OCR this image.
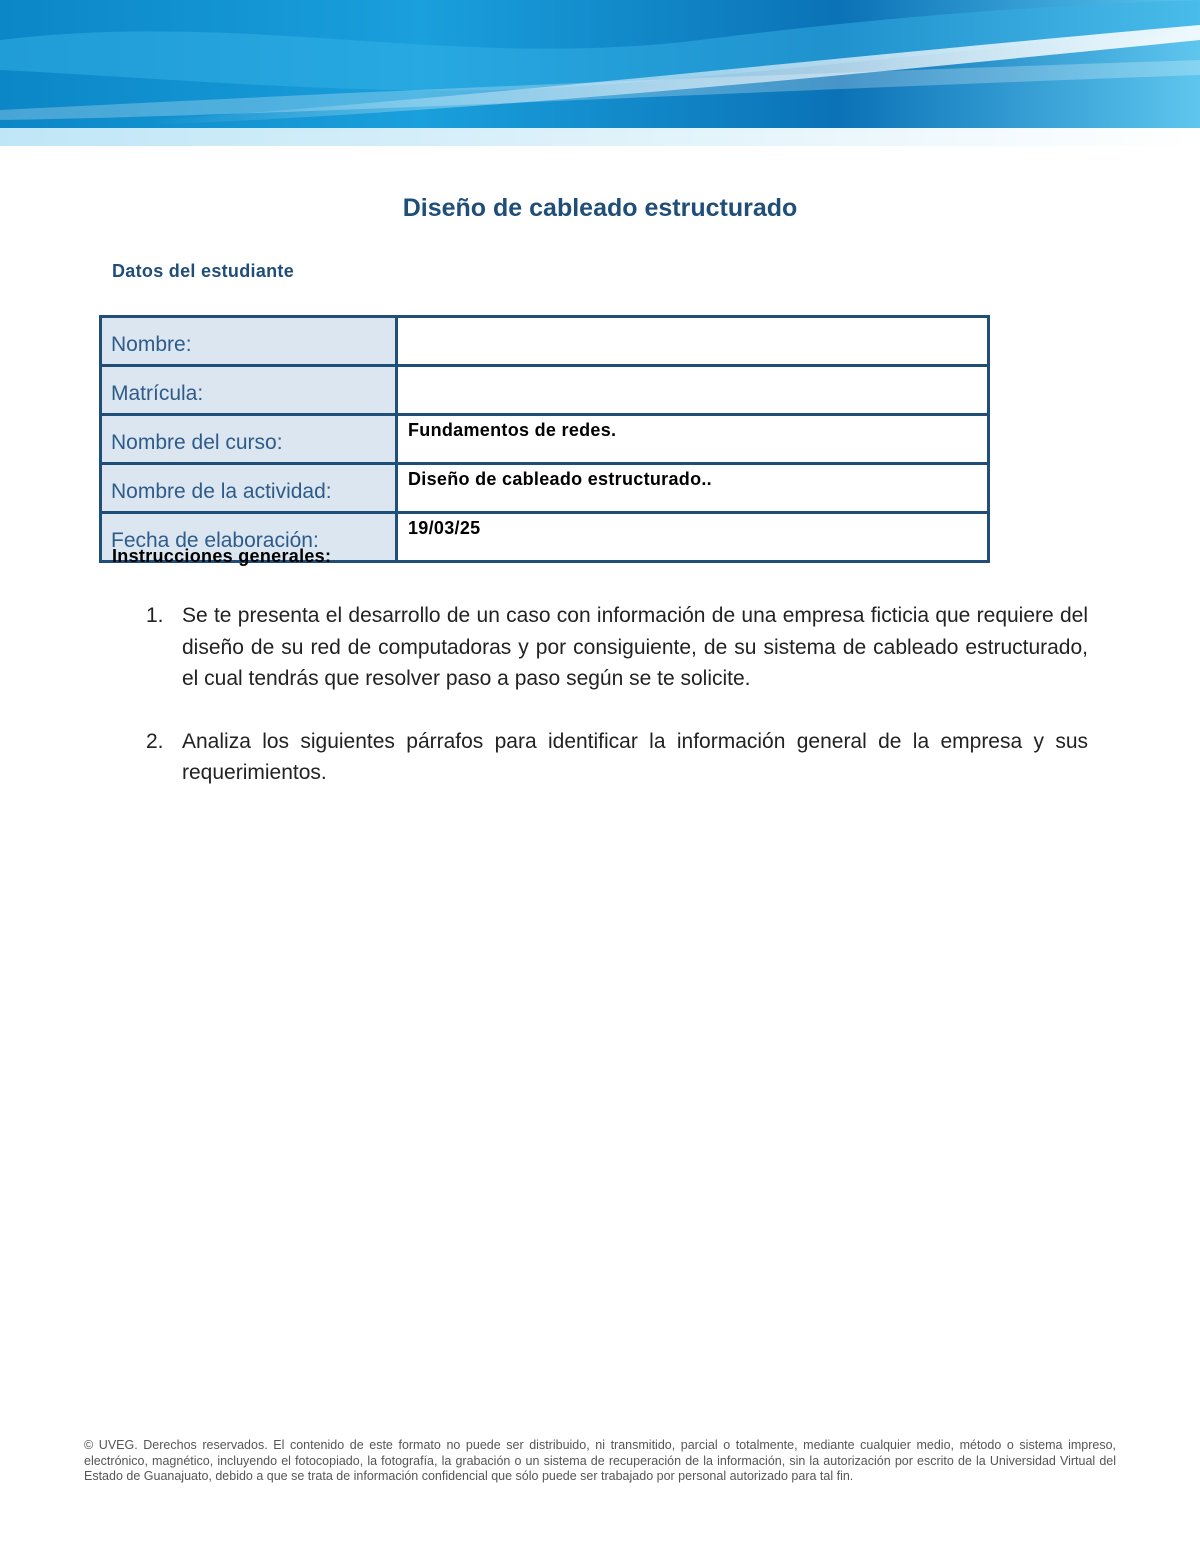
Diseño de cableado estructurado
Datos del estudiante
Nombre:	
Matrícula:	
Nombre del curso:	Fundamentos de redes.
Nombre de la actividad:	Diseño de cableado estructurado..
Fecha de elaboración:	19/03/25
Instrucciones generales:
1. Se te presenta el desarrollo de un caso con información de una empresa ficticia que requiere del diseño de su red de computadoras y por consiguiente, de su sistema de cableado estructurado, el cual tendrás que resolver paso a paso según se te solicite.
2. Analiza los siguientes párrafos para identificar la información general de la empresa y sus requerimientos.

© UVEG. Derechos reservados. El contenido de este formato no puede ser distribuido, ni transmitido, parcial o totalmente, mediante cualquier medio, método o sistema impreso, electrónico, magnético, incluyendo el fotocopiado, la fotografía, la grabación o un sistema de recuperación de la información, sin la autorización por escrito de la Universidad Virtual del Estado de Guanajuato, debido a que se trata de información confidencial que sólo puede ser trabajado por personal autorizado para tal fin.
